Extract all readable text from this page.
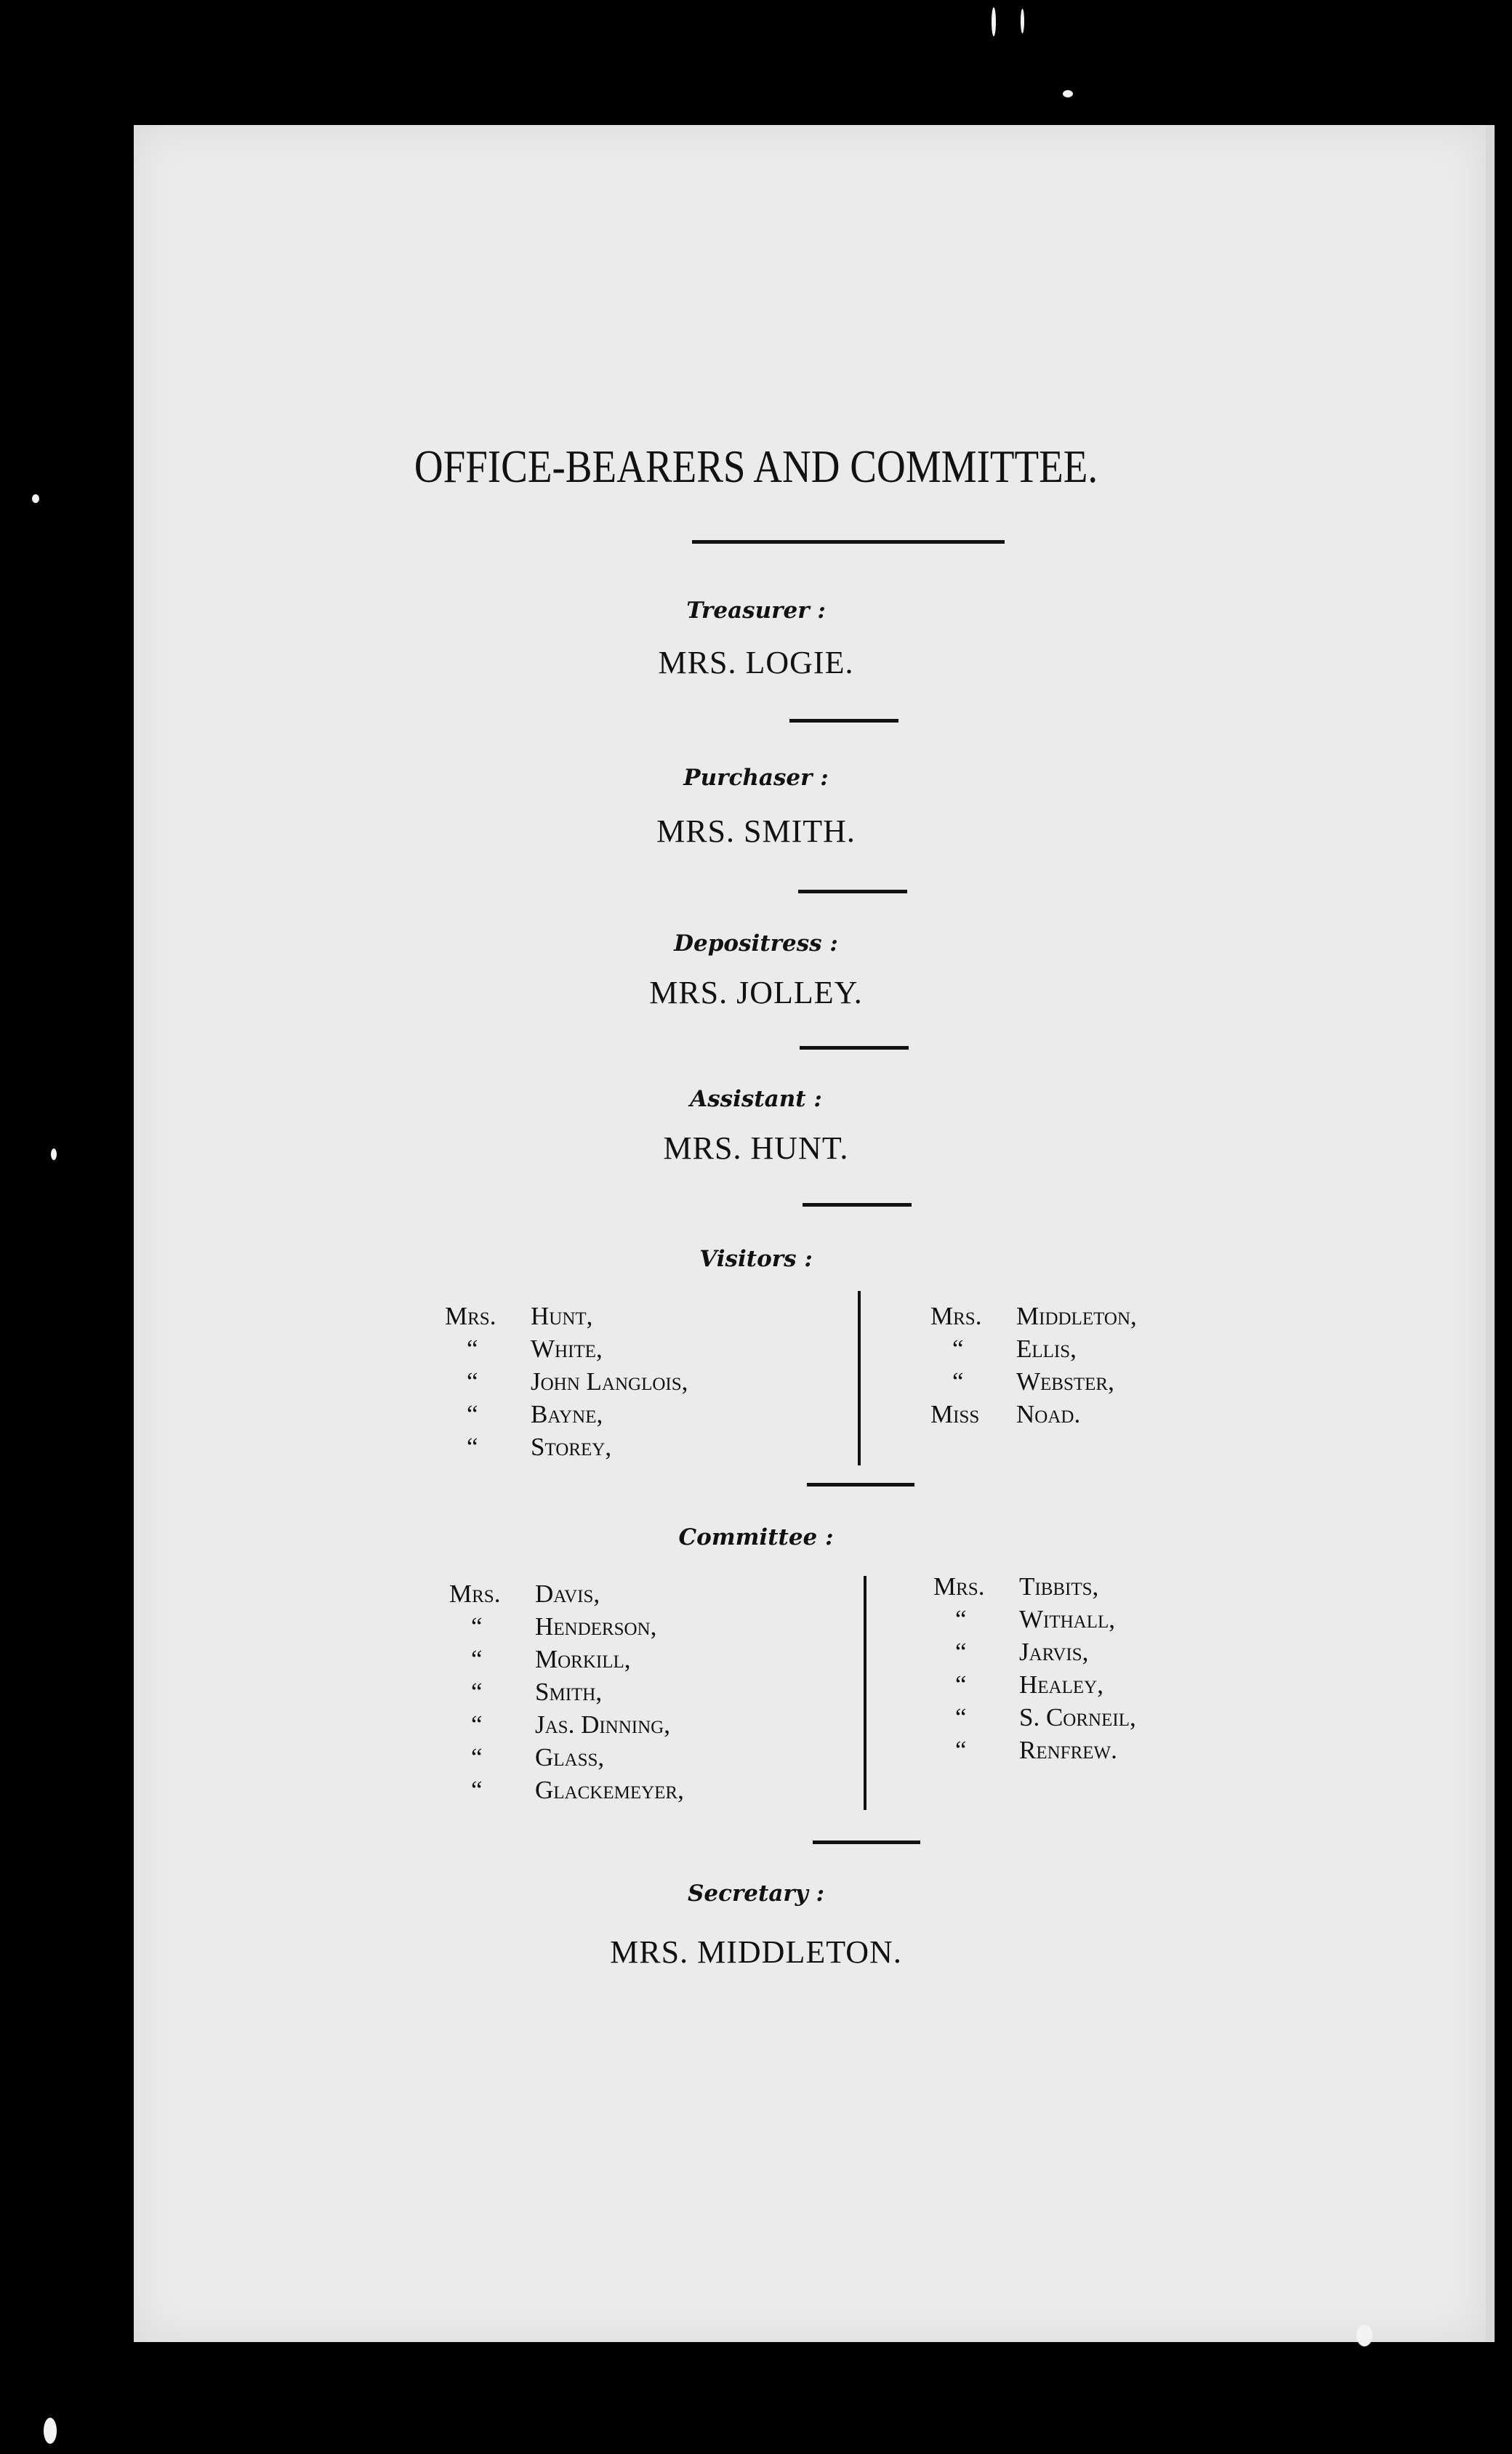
OFFICE-BEARERS AND COMMITTEE.
Treasurer :
MRS. LOGIE.
Purchaser :
MRS. SMITH.
Depositress :
MRS. JOLLEY.
Assistant :
MRS. HUNT.
Visitors :
Mrs. Hunt,
“ White,
“ John Langlois,
“ Bayne,
“ Storey,
Mrs. Middleton,
“ Ellis,
“ Webster,
Miss Noad.
Committee :
Mrs. Davis,
“ Henderson,
“ Morkill,
“ Smith,
“ Jas. Dinning,
“ Glass,
“ Glackemeyer,
Mrs. Tibbits,
“ Withall,
“ Jarvis,
“ Healey,
“ S. Corneil,
“ Renfrew.
Secretary :
MRS. MIDDLETON.
